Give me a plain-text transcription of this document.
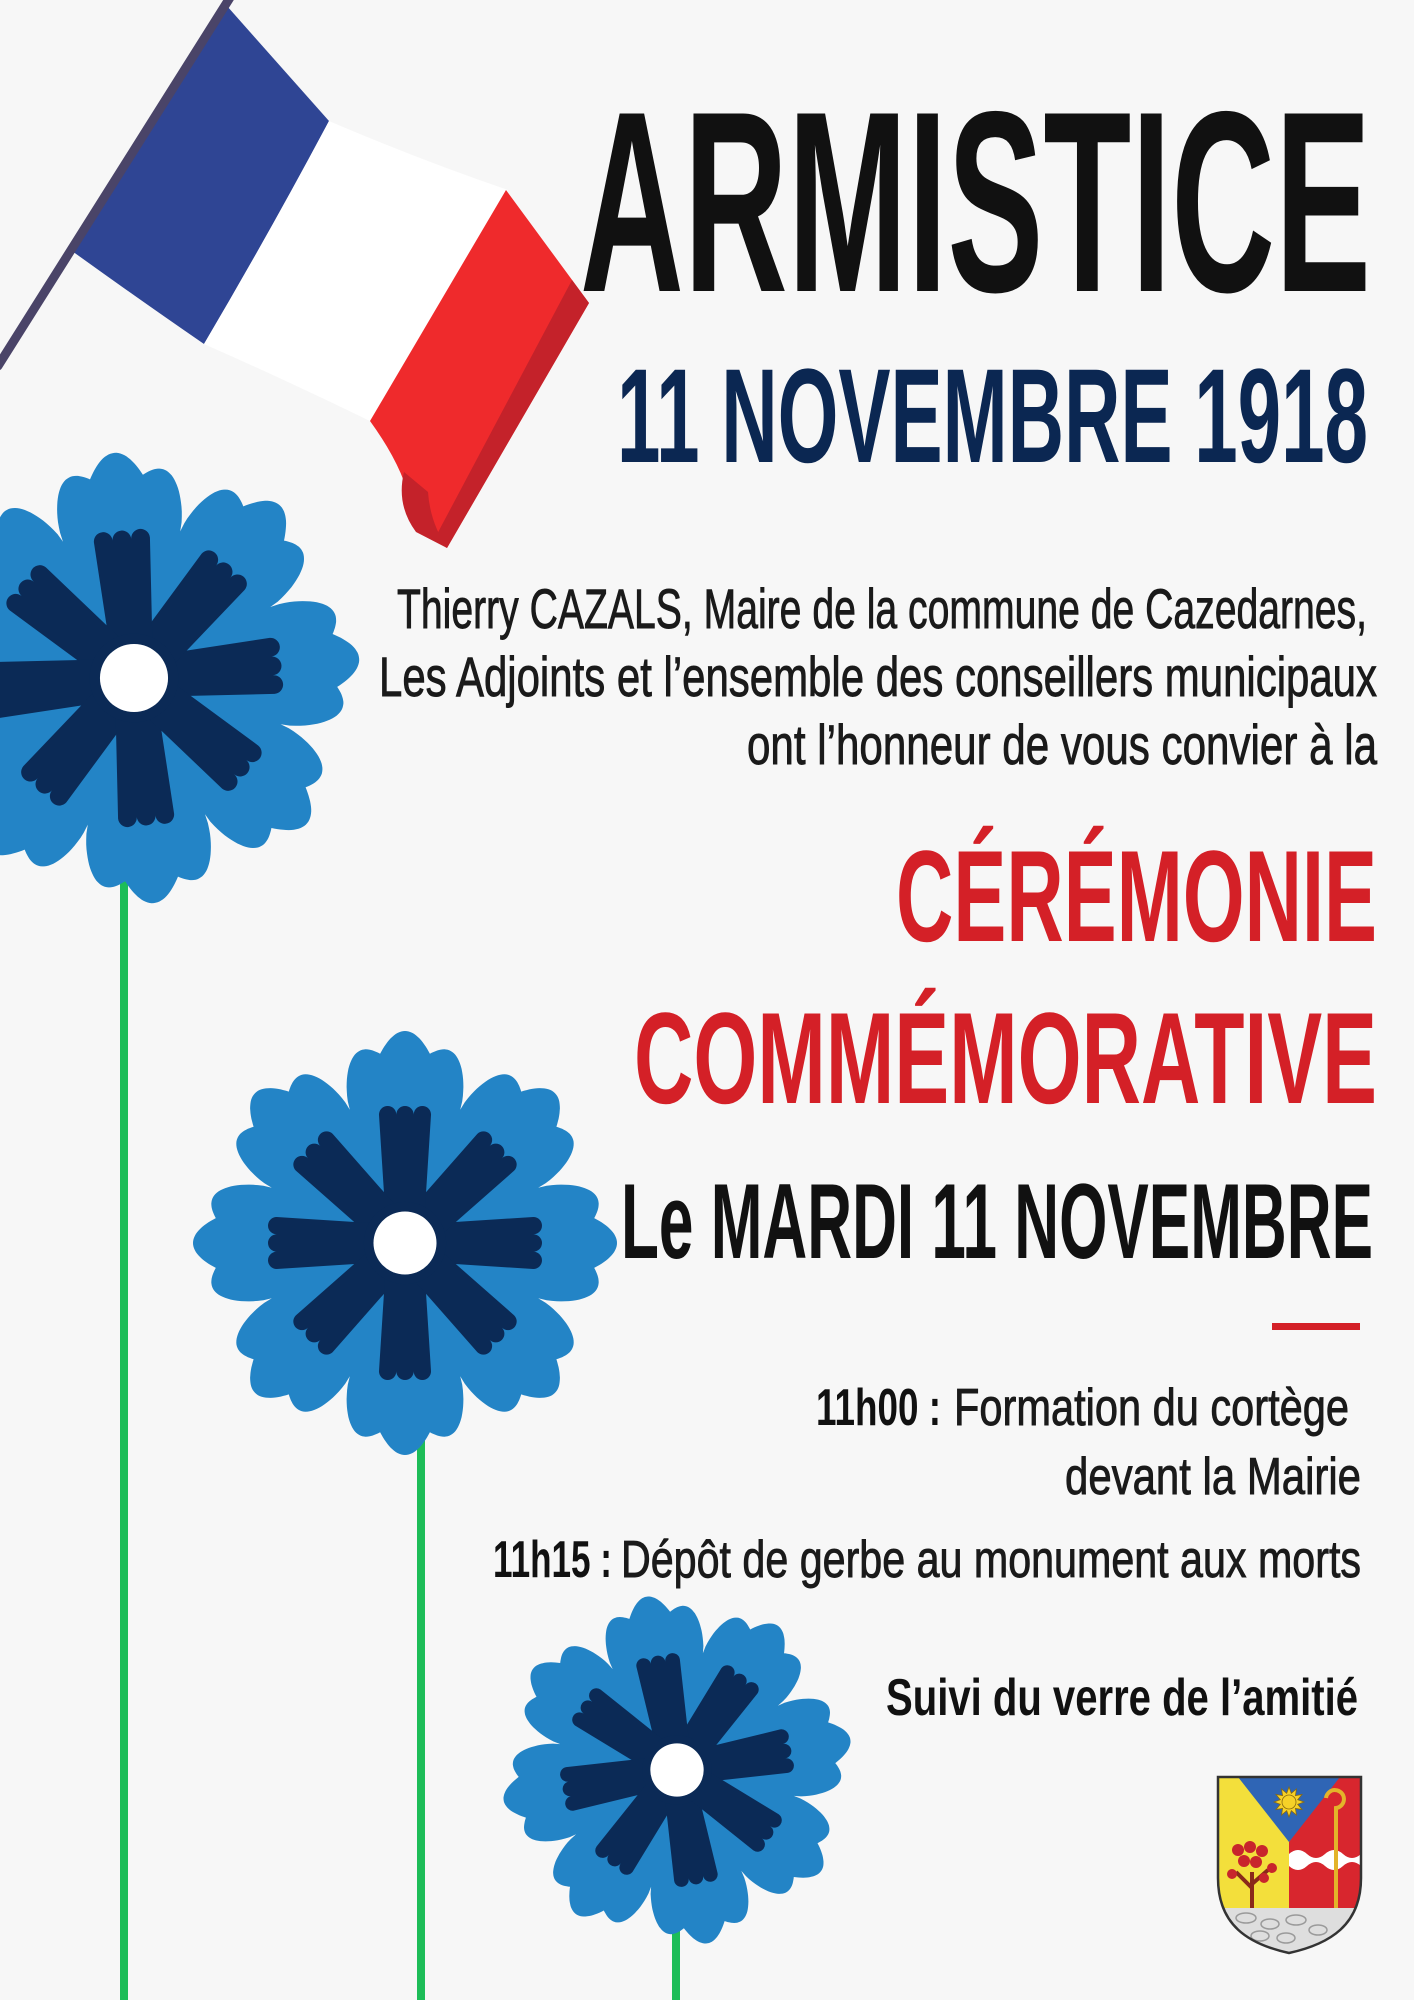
ARMISTICE
11 NOVEMBRE 1918
Thierry CAZALS, Maire de la commune de Cazedarnes,
Les Adjoints et l’ensemble des conseillers municipaux
ont l’honneur de vous convier à la
CÉRÉMONIE
COMMÉMORATIVE
Le MARDI 11 NOVEMBRE
11h00 : Formation du cortège
devant la Mairie
11h15 : Dépôt de gerbe au monument aux morts
Suivi du verre de l’amitié
